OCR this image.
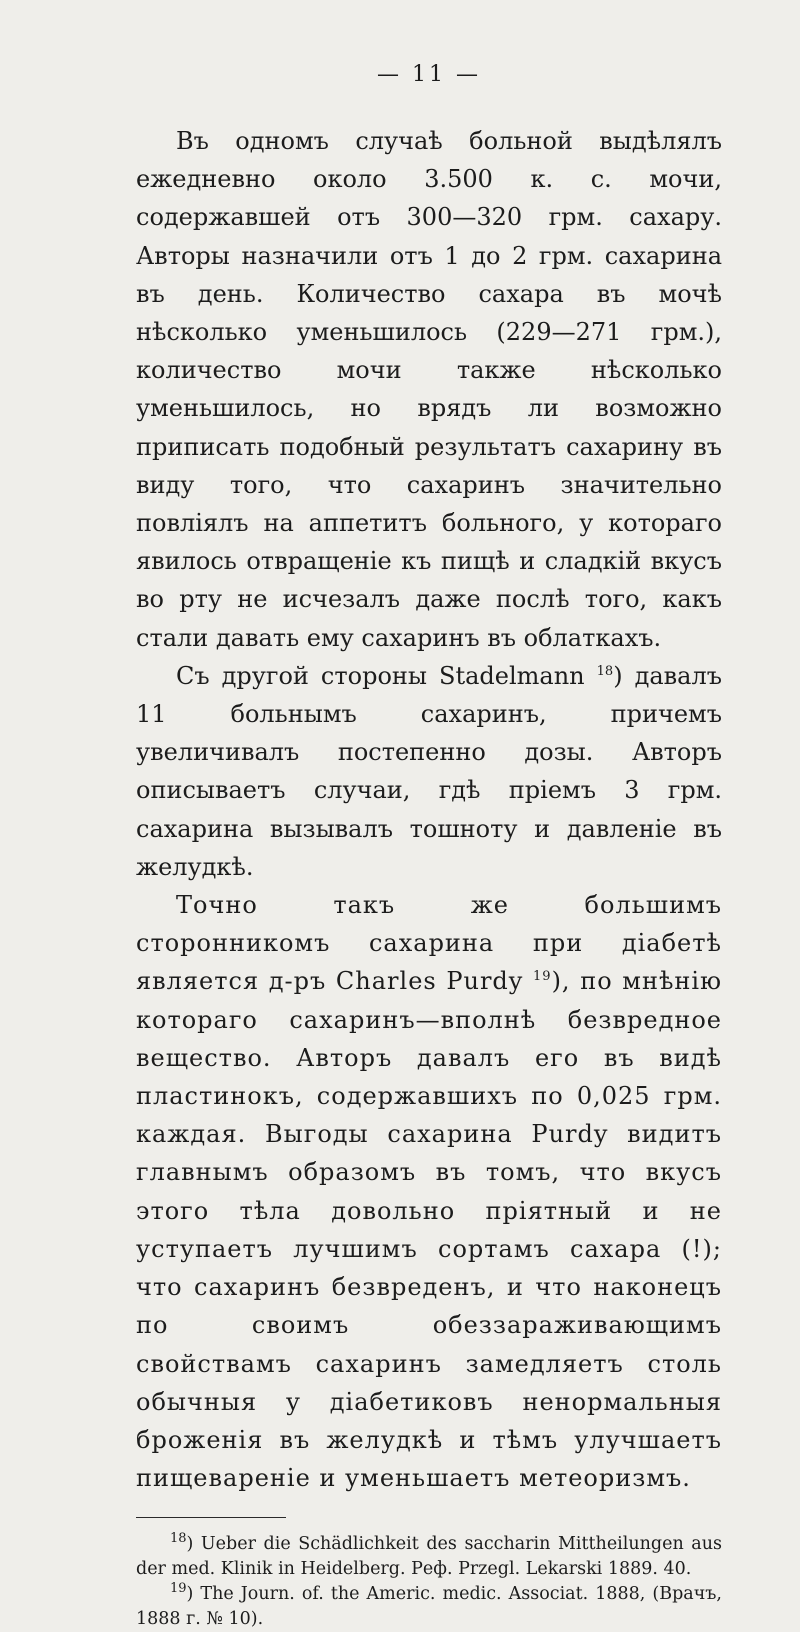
— 11 —

Въ одномъ случаѣ больной выдѣлялъ ежедневно около 3.500 к. с. мочи, содержавшей отъ 300—320 грм. сахару. Авторы назначили отъ 1 до 2 грм. сахарина въ день. Количество сахара въ мочѣ нѣсколько уменьшилось (229—271 грм.), количество мочи также нѣсколько уменьшилось, но врядъ ли возможно приписать подобный результатъ сахарину въ виду того, что сахаринъ значительно повліялъ на аппетитъ больного, у котораго явилось отвращеніе къ пищѣ и сладкій вкусъ во рту не исчезалъ даже послѣ того, какъ стали давать ему сахаринъ въ облаткахъ.

Съ другой стороны Stadelmann $^{18}$) давалъ 11 больнымъ сахаринъ, причемъ увеличивалъ постепенно дозы. Авторъ описываетъ случаи, гдѣ пріемъ 3 грм. сахарина вызывалъ тошноту и давленіе въ желудкѣ.

Точно такъ же большимъ сторонникомъ сахарина при діабетѣ является д-ръ Charles Purdy $^{19}$), по мнѣнію котораго сахаринъ—вполнѣ безвредное вещество. Авторъ давалъ его въ видѣ пластинокъ, содержавшихъ по 0,025 грм. каждая. Выгоды сахарина Purdy видитъ главнымъ образомъ въ томъ, что вкусъ этого тѣла довольно пріятный и не уступаетъ лучшимъ сортамъ сахара (!); что сахаринъ безвреденъ, и что наконецъ по своимъ обеззараживающимъ свойствамъ сахаринъ замедляетъ столь обычныя у діабетиковъ ненормальныя броженія въ желудкѣ и тѣмъ улучшаетъ пищевареніе и уменьшаетъ метеоризмъ.

$^{18}$) Ueber die Schädlichkeit des saccharin Mittheilungen aus der med. Klinik in Heidelberg. Реф. Przegl. Lekarski 1889. 40.

$^{19}$) The Journ. of. the Americ. medic. Associat. 1888, (Врачъ, 1888 г. № 10).
